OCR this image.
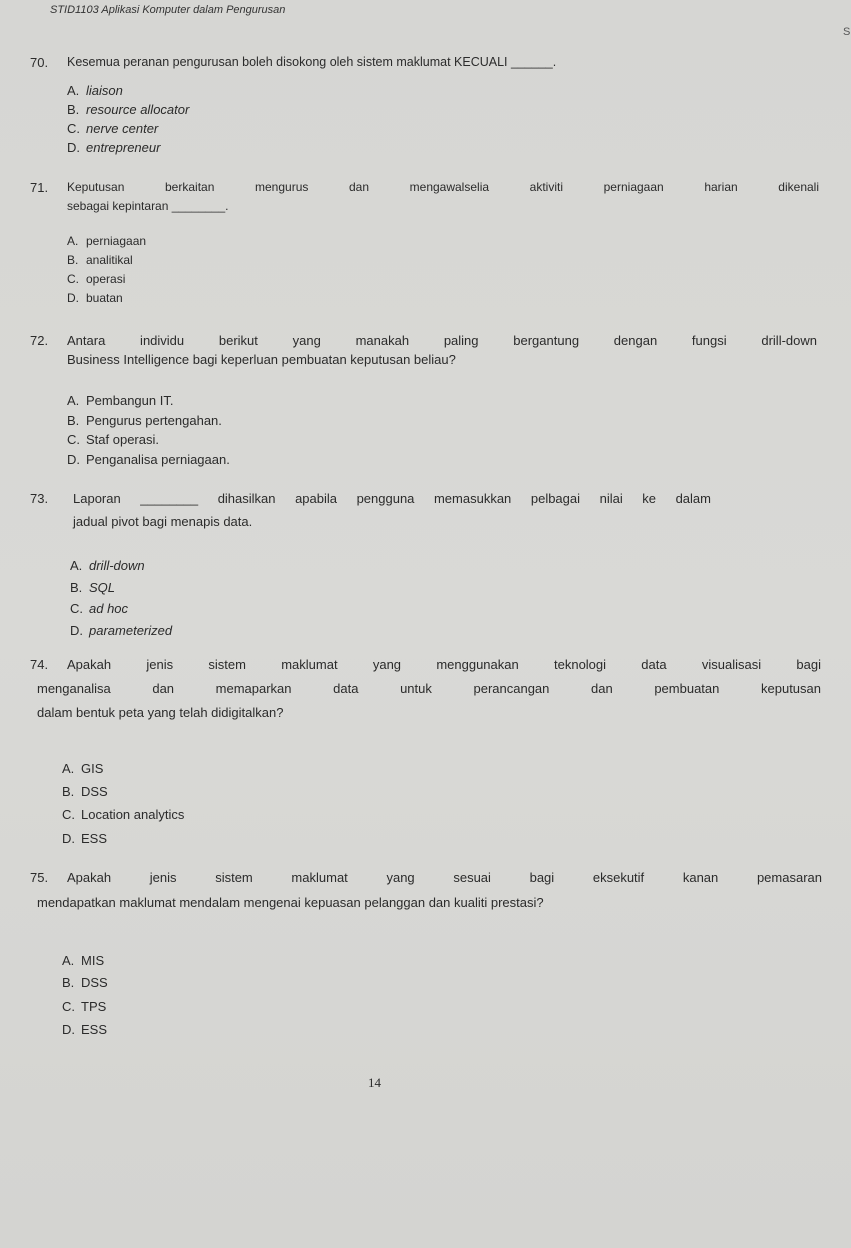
STID1103 Aplikasi Komputer dalam Pengurusan
S
70. Kesemua peranan pengurusan boleh disokong oleh sistem maklumat KECUALI ______.
A. liaison
B. resource allocator
C. nerve center
D. entrepreneur
71. Keputusan berkaitan mengurus dan mengawalselia aktiviti perniagaan harian dikenali
sebagai kepintaran ________.
A. perniagaan
B. analitikal
C. operasi
D. buatan
72. Antara individu berikut yang manakah paling bergantung dengan fungsi drill-down
Business Intelligence bagi keperluan pembuatan keputusan beliau?
A. Pembangun IT.
B. Pengurus pertengahan.
C. Staf operasi.
D. Penganalisa perniagaan.
73. Laporan ________ dihasilkan apabila pengguna memasukkan pelbagai nilai ke dalam
jadual pivot bagi menapis data.
A. drill-down
B. SQL
C. ad hoc
D. parameterized
74. Apakah jenis sistem maklumat yang menggunakan teknologi data visualisasi bagi
menganalisa dan memaparkan data untuk perancangan dan pembuatan keputusan
dalam bentuk peta yang telah didigitalkan?
A. GIS
B. DSS
C. Location analytics
D. ESS
75. Apakah jenis sistem maklumat yang sesuai bagi eksekutif kanan pemasaran
mendapatkan maklumat mendalam mengenai kepuasan pelanggan dan kualiti prestasi?
A. MIS
B. DSS
C. TPS
D. ESS
14
